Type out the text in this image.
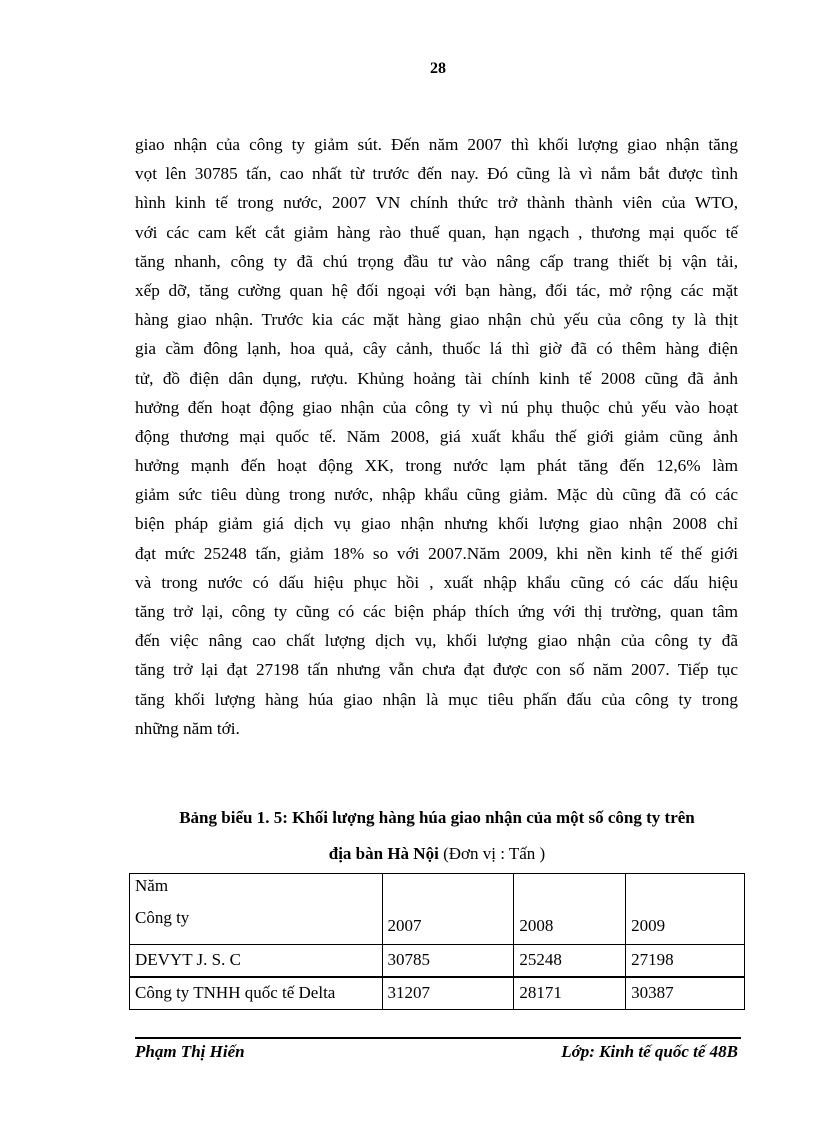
28
giao nhận của công ty giảm sút. Đến năm 2007 thì khối lượng giao nhận tăng
vọt lên 30785 tấn, cao nhất từ trước đến nay. Đó cũng là vì nắm bắt được tình
hình kinh tế trong nước, 2007 VN chính thức trở thành thành viên của WTO,
với các cam kết cắt giảm hàng rào thuế quan, hạn ngạch , thương mại quốc tế
tăng nhanh, công ty đã chú trọng đầu tư vào nâng cấp trang thiết bị vận tải,
xếp dỡ, tăng cường quan hệ đối ngoại với bạn hàng, đối tác, mở rộng các mặt
hàng giao nhận. Trước kia các mặt hàng giao nhận chủ yếu của công ty là thịt
gia cầm đông lạnh, hoa quả, cây cảnh, thuốc lá thì giờ đã có thêm hàng điện
tử, đồ điện dân dụng, rượu. Khủng hoảng tài chính kinh tế 2008 cũng đã ảnh
hưởng đến hoạt động giao nhận của công ty vì nú phụ thuộc chủ yếu vào hoạt
động thương mại quốc tế. Năm 2008, giá xuất khẩu thế giới giảm cũng ảnh
hưởng mạnh đến hoạt động XK, trong nước lạm phát tăng đến 12,6% làm
giảm sức tiêu dùng trong nước, nhập khẩu cũng giảm. Mặc dù cũng đã có các
biện pháp giảm giá dịch vụ giao nhận nhưng khối lượng giao nhận 2008 chỉ
đạt mức 25248 tấn, giảm 18% so với 2007.Năm 2009, khi nền kinh tế thế giới
và trong nước có dấu hiệu phục hồi , xuất nhập khẩu cũng có các dấu hiệu
tăng trở lại, công ty cũng có các biện pháp thích ứng với thị trường, quan tâm
đến việc nâng cao chất lượng dịch vụ, khối lượng giao nhận của công ty đã
tăng trở lại đạt 27198 tấn nhưng vẫn chưa đạt được con số năm 2007. Tiếp tục
tăng khối lượng hàng húa giao nhận là mục tiêu phấn đấu của công ty trong
những năm tới.
Bảng biểu 1. 5: Khối lượng hàng húa giao nhận của một số công ty trên
địa bàn Hà Nội (Đơn vị : Tấn )
Năm
Công ty	2007	2008	2009
DEVYT J. S. C	30785	25248	27198
Công ty TNHH quốc tế Delta	31207	28171	30387
Phạm Thị Hiến	Lớp: Kinh tế quốc tế 48B
